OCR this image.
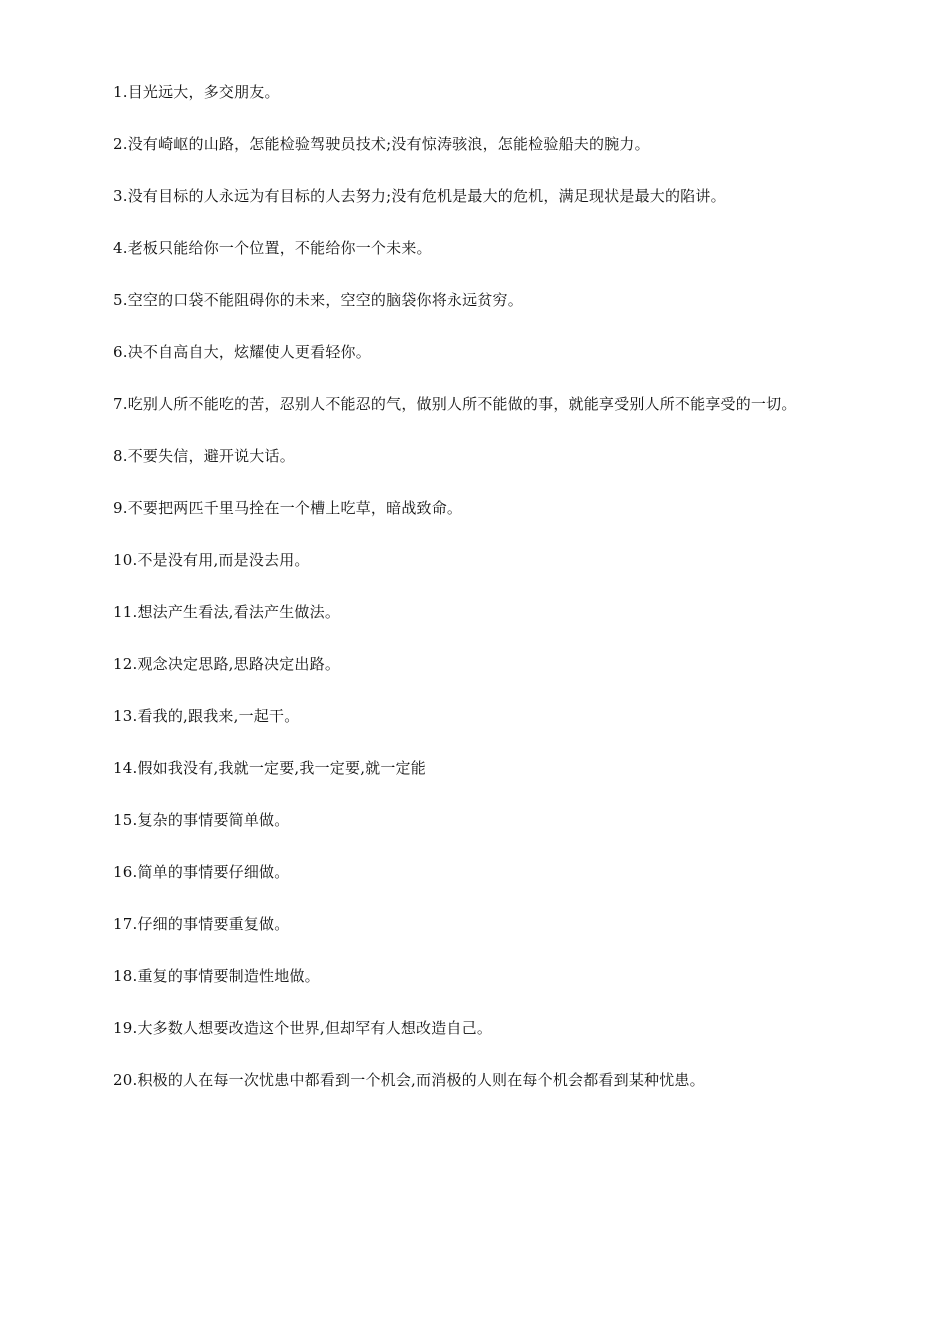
1.目光远大，多交朋友。

2.没有崎岖的山路，怎能检验驾驶员技术;没有惊涛骇浪，怎能检验船夫的腕力。

3.没有目标的人永远为有目标的人去努力;没有危机是最大的危机，满足现状是最大的陷讲。

4.老板只能给你一个位置，不能给你一个未来。

5.空空的口袋不能阻碍你的未来，空空的脑袋你将永远贫穷。

6.决不自高自大，炫耀使人更看轻你。

7.吃别人所不能吃的苦，忍别人不能忍的气，做别人所不能做的事，就能享受别人所不能享受的一切。

8.不要失信，避开说大话。

9.不要把两匹千里马拴在一个槽上吃草，暗战致命。

10.不是没有用,而是没去用。

11.想法产生看法,看法产生做法。

12.观念决定思路,思路决定出路。

13.看我的,跟我来,一起干。

14.假如我没有,我就一定要,我一定要,就一定能

15.复杂的事情要简单做。

16.简单的事情要仔细做。

17.仔细的事情要重复做。

18.重复的事情要制造性地做。

19.大多数人想要改造这个世界,但却罕有人想改造自己。

20.积极的人在每一次忧患中都看到一个机会,而消极的人则在每个机会都看到某种忧患。
